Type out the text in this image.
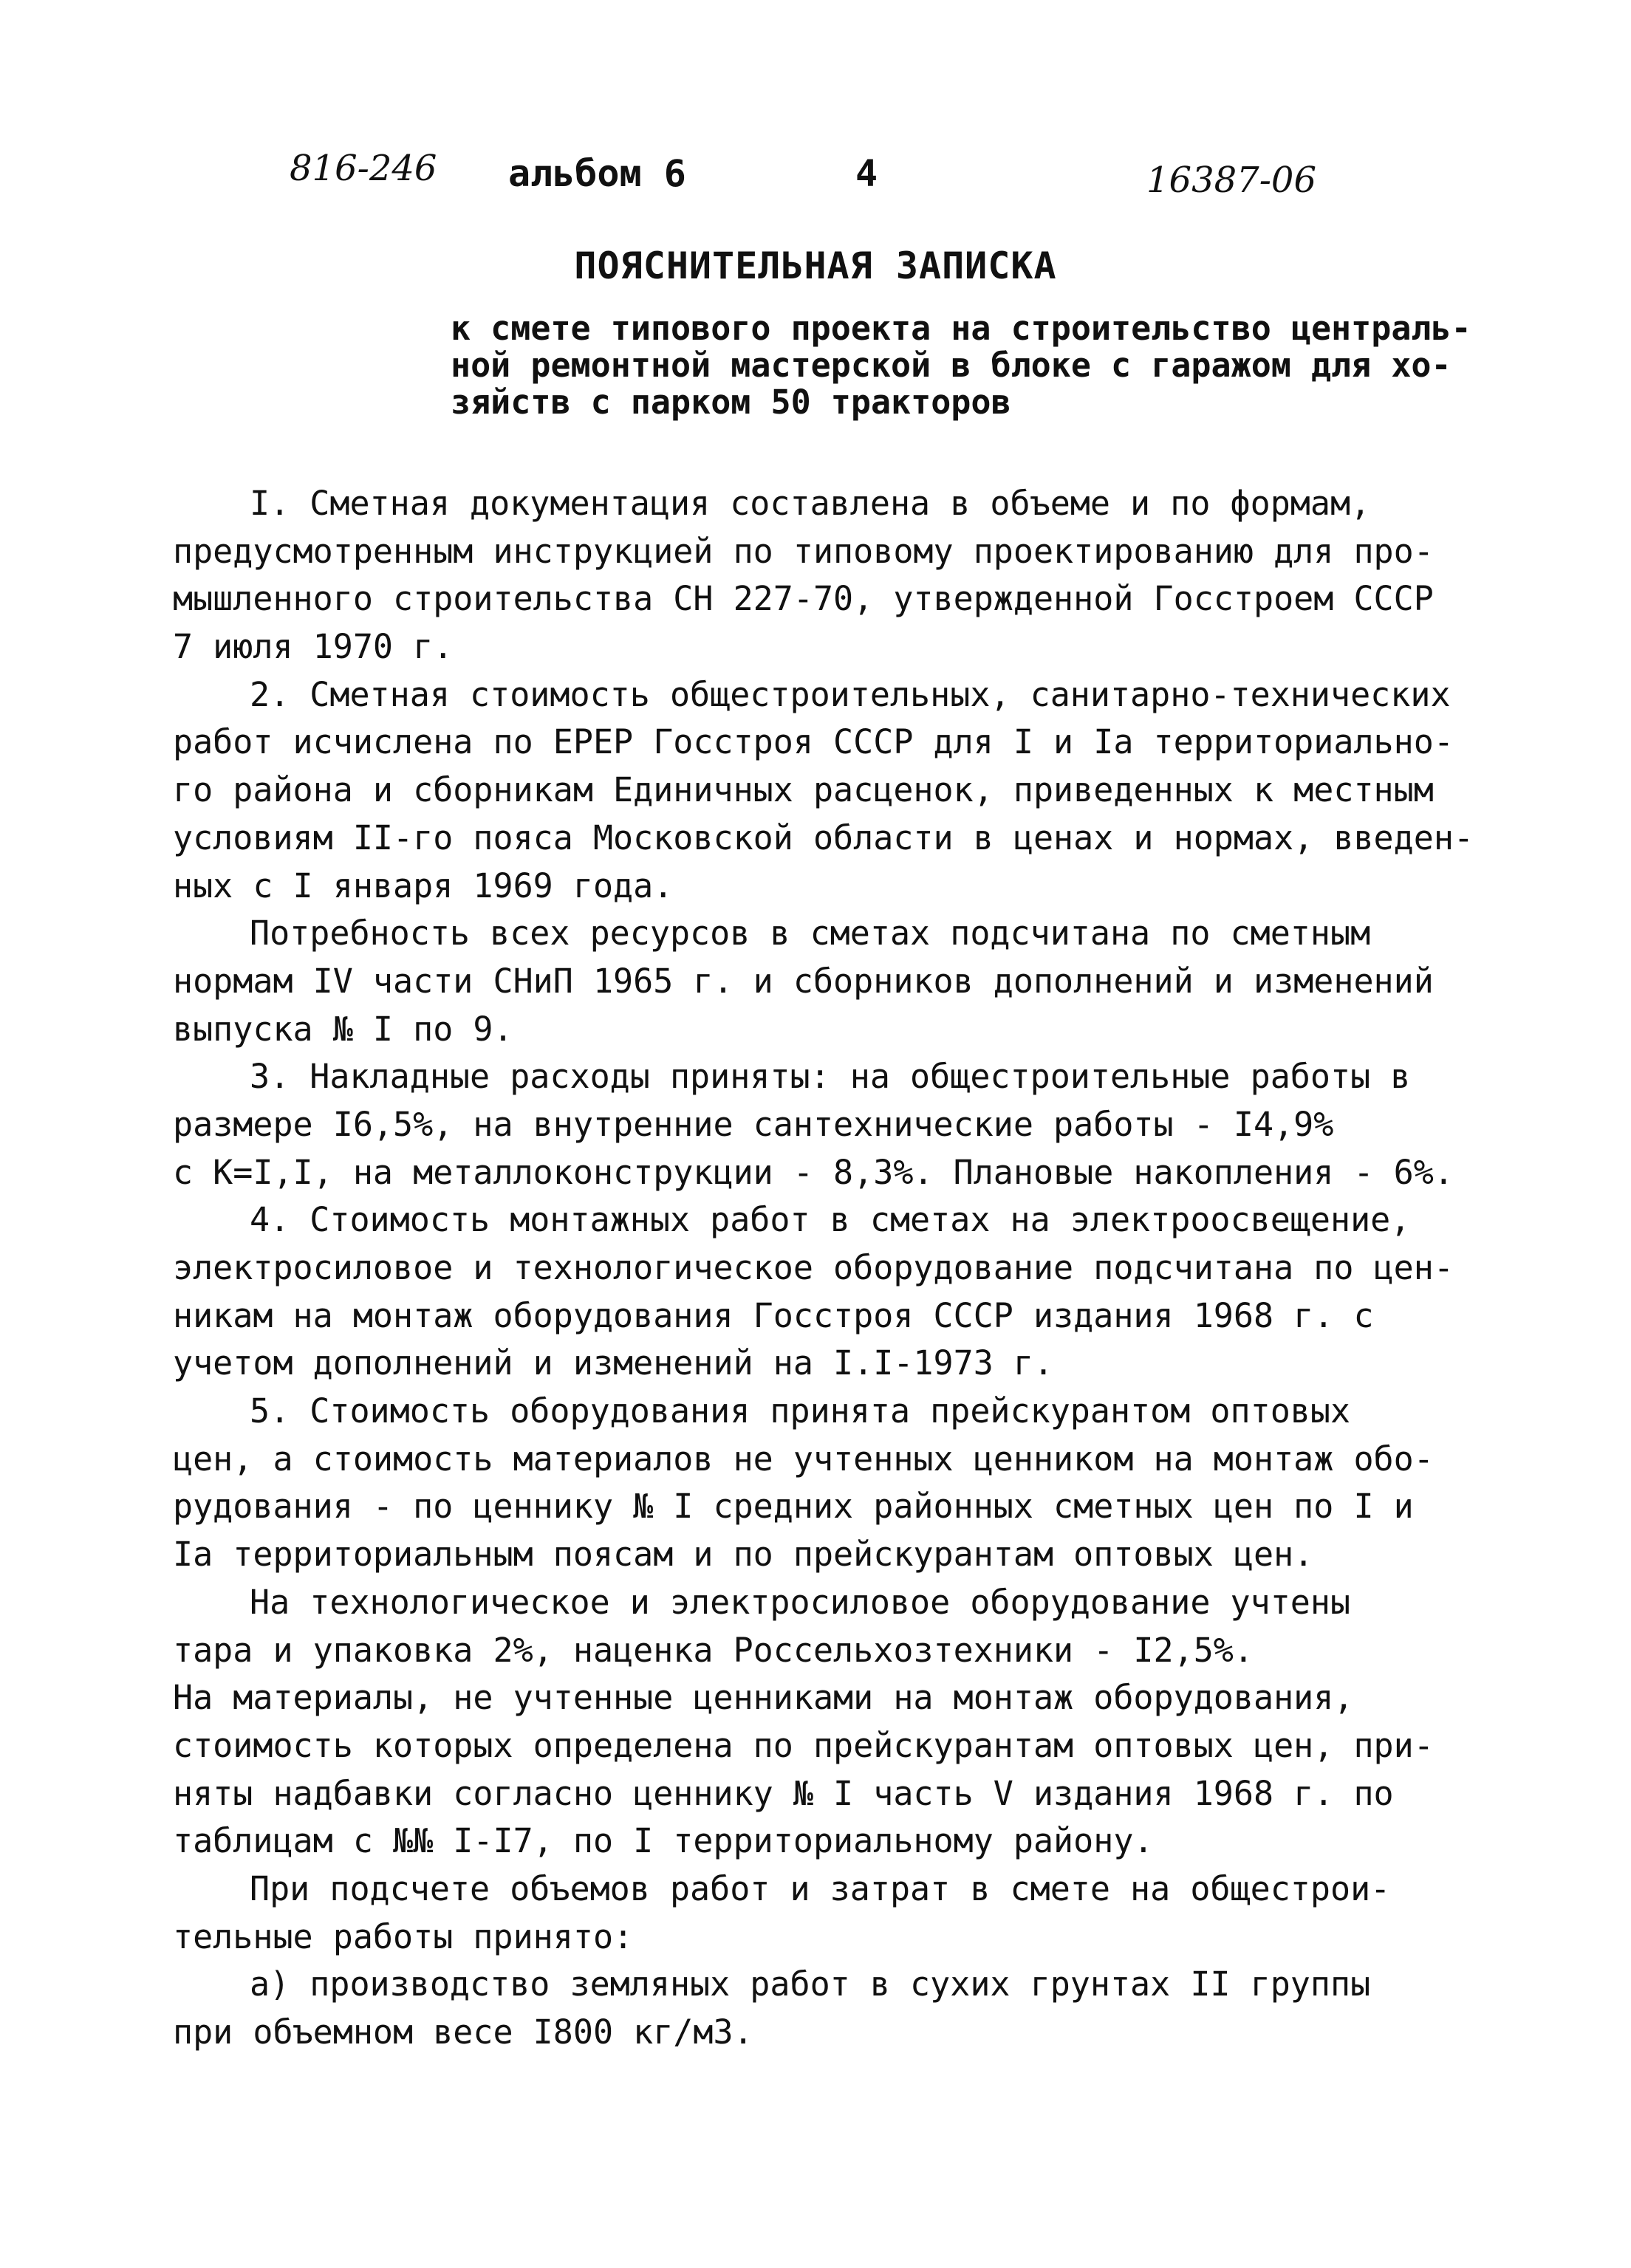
816-246 альбом 6	4	16387-06
ПОЯСНИТЕЛЬНАЯ ЗАПИСКА
к смете типового проекта на строительство централь-
ной ремонтной мастерской в блоке с гаражом для хо-
зяйств с парком 50 тракторов
I. Сметная документация составлена в объеме и по формам,
предусмотренным инструкцией по типовому проектированию для про-
мышленного строительства СН 227-70, утвержденной Госстроем СССР
7 июля 1970 г.
2. Сметная стоимость общестроительных, санитарно-технических
работ исчислена по ЕРЕР Госстроя СССР для I и Iа территориально-
го района и сборникам Единичных расценок, приведенных к местным
условиям II-го пояса Московской области в ценах и нормах, введен-
ных с I января 1969 года.
Потребность всех ресурсов в сметах подсчитана по сметным
нормам IV части СНиП 1965 г. и сборников дополнений и изменений
выпуска № I по 9.
3. Накладные расходы приняты: на общестроительные работы в
размере I6,5%, на внутренние сантехнические работы - I4,9%
с К=I,I, на металлоконструкции - 8,3%. Плановые накопления - 6%.
4. Стоимость монтажных работ в сметах на электроосвещение,
электросиловое и технологическое оборудование подсчитана по цен-
никам на монтаж оборудования Госстроя СССР издания 1968 г. с
учетом дополнений и изменений на I.I-1973 г.
5. Стоимость оборудования принята прейскурантом оптовых
цен, а стоимость материалов не учтенных ценником на монтаж обо-
рудования - по ценнику № I средних районных сметных цен по I и
Iа территориальным поясам и по прейскурантам оптовых цен.
На технологическое и электросиловое оборудование учтены
тара и упаковка 2%, наценка Россельхозтехники - I2,5%.
На материалы, не учтенные ценниками на монтаж оборудования,
стоимость которых определена по прейскурантам оптовых цен, при-
няты надбавки согласно ценнику № I часть V издания 1968 г. по
таблицам с №№ I-I7, по I территориальному району.
При подсчете объемов работ и затрат в смете на общестрои-
тельные работы принято:
а) производство земляных работ в сухих грунтах II группы
при объемном весе I800 кг/м3.
